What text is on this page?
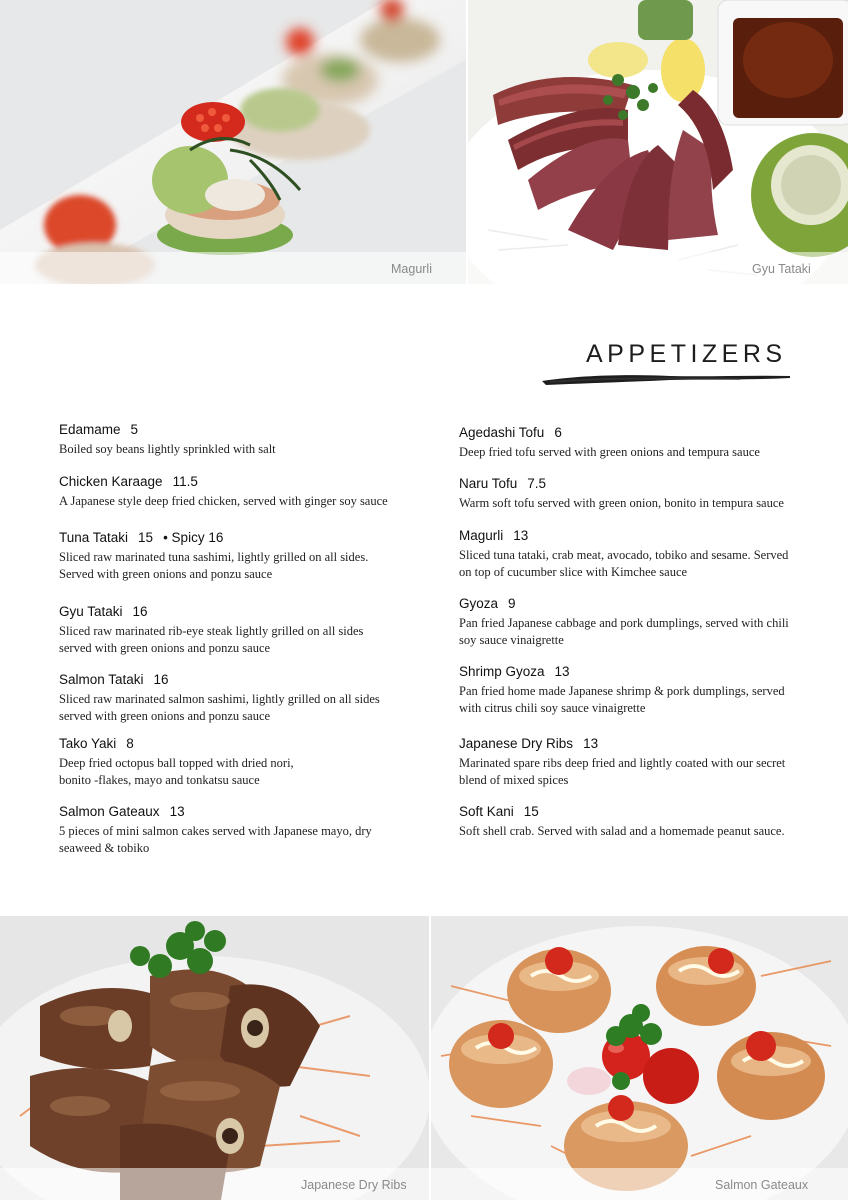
Magurli	Gyu Tataki
APPETIZERS
Edamame 5
Boiled soy beans lightly sprinkled with salt
Chicken Karaage 11.5
A Japanese style deep fried chicken, served with ginger soy sauce
Tuna Tataki 15 • Spicy 16
Sliced raw marinated tuna sashimi, lightly grilled on all sides.
Served with green onions and ponzu sauce
Gyu Tataki 16
Sliced raw marinated rib-eye steak lightly grilled on all sides
served with green onions and ponzu sauce
Salmon Tataki 16
Sliced raw marinated salmon sashimi, lightly grilled on all sides
served with green onions and ponzu sauce
Tako Yaki 8
Deep fried octopus ball topped with dried nori,
bonito -flakes, mayo and tonkatsu sauce
Salmon Gateaux 13
5 pieces of mini salmon cakes served with Japanese mayo, dry
seaweed & tobiko
Agedashi Tofu 6
Deep fried tofu served with green onions and tempura sauce
Naru Tofu 7.5
Warm soft tofu served with green onion, bonito in tempura sauce
Magurli 13
Sliced tuna tataki, crab meat, avocado, tobiko and sesame. Served
on top of cucumber slice with Kimchee sauce
Gyoza 9
Pan fried Japanese cabbage and pork dumplings, served with chili
soy sauce vinaigrette
Shrimp Gyoza 13
Pan fried home made Japanese shrimp & pork dumplings, served
with citrus chili soy sauce vinaigrette
Japanese Dry Ribs 13
Marinated spare ribs deep fried and lightly coated with our secret
blend of mixed spices
Soft Kani 15
Soft shell crab. Served with salad and a homemade peanut sauce.
Japanese Dry Ribs	Salmon Gateaux
